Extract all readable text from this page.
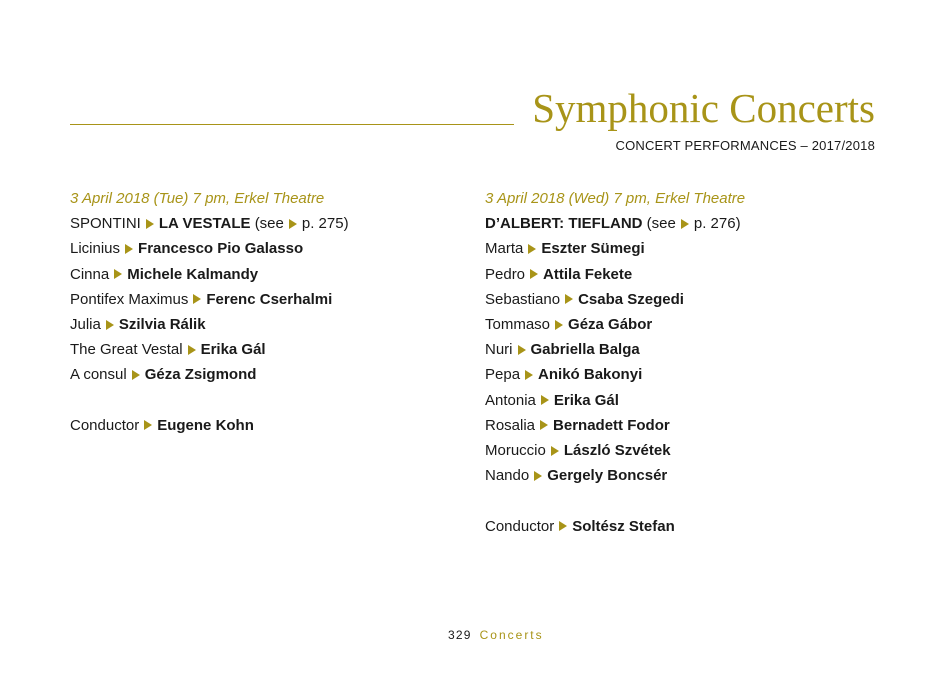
Symphonic Concerts
CONCERT PERFORMANCES – 2017/2018
3 April 2018 (Tue) 7 pm, Erkel Theatre
SPONTINI LA VESTALE (see p. 275)
Licinius Francesco Pio Galasso
Cinna Michele Kalmandy
Pontifex Maximus Ferenc Cserhalmi
Julia Szilvia Rálik
The Great Vestal Erika Gál
A consul Géza Zsigmond
Conductor Eugene Kohn
3 April 2018 (Wed) 7 pm, Erkel Theatre
D’ALBERT: TIEFLAND (see p. 276)
Marta Eszter Sümegi
Pedro Attila Fekete
Sebastiano Csaba Szegedi
Tommaso Géza Gábor
Nuri Gabriella Balga
Pepa Anikó Bakonyi
Antonia Erika Gál
Rosalia Bernadett Fodor
Moruccio László Szvétek
Nando Gergely Boncsér
Conductor Soltész Stefan
329 Concerts
